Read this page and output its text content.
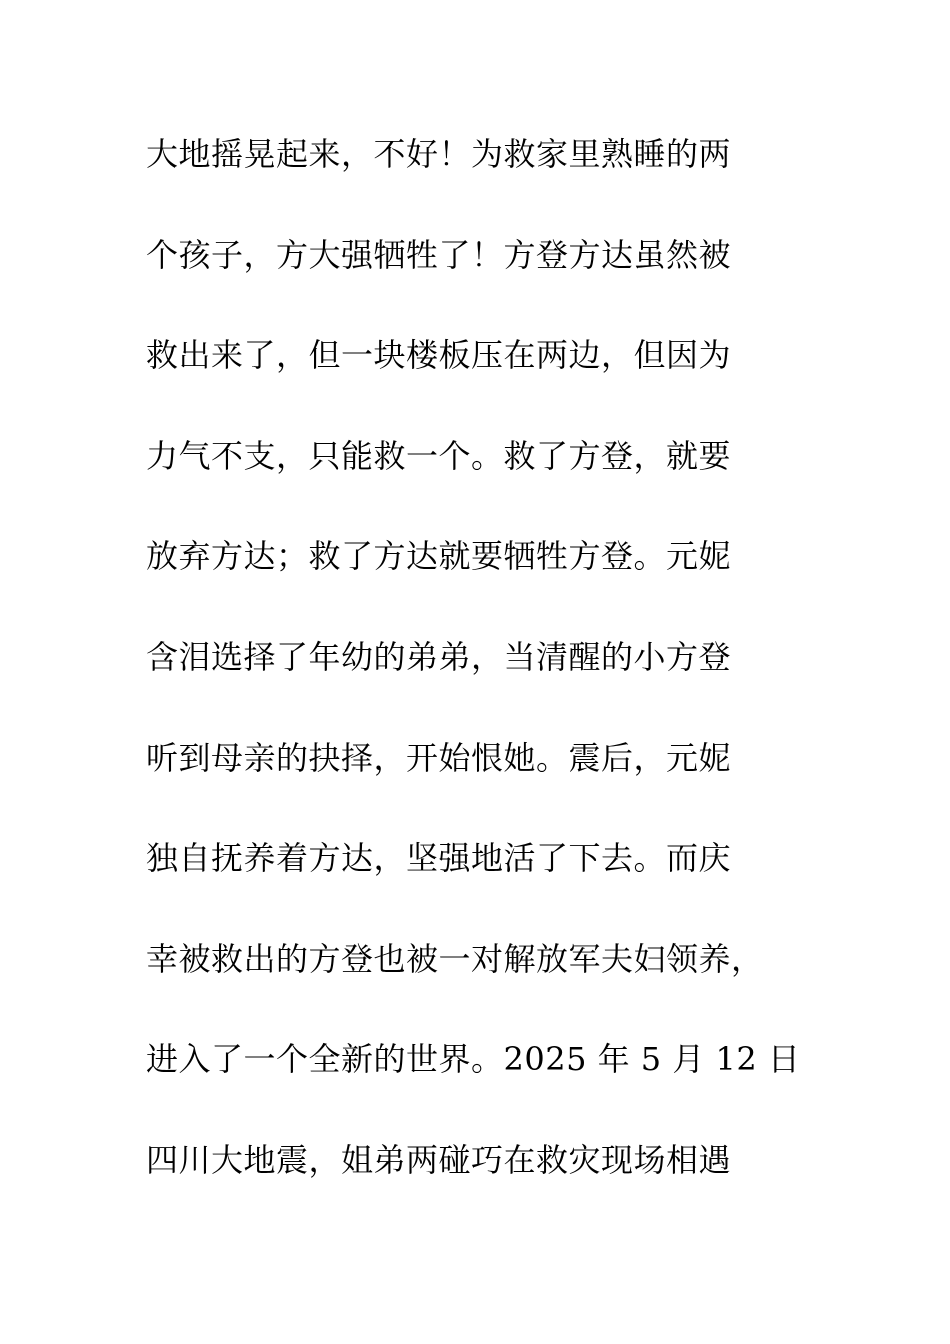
大地摇晃起来，不好！为救家里熟睡的两
个孩子，方大强牺牲了！方登方达虽然被
救出来了，但一块楼板压在两边，但因为
力气不支，只能救一个。救了方登，就要
放弃方达；救了方达就要牺牲方登。元妮
含泪选择了年幼的弟弟，当清醒的小方登
听到母亲的抉择，开始恨她。震后，元妮
独自抚养着方达，坚强地活了下去。而庆
幸被救出的方登也被一对解放军夫妇领养，
进入了一个全新的世界。2025 年 5 月 12 日
四川大地震，姐弟两碰巧在救灾现场相遇
